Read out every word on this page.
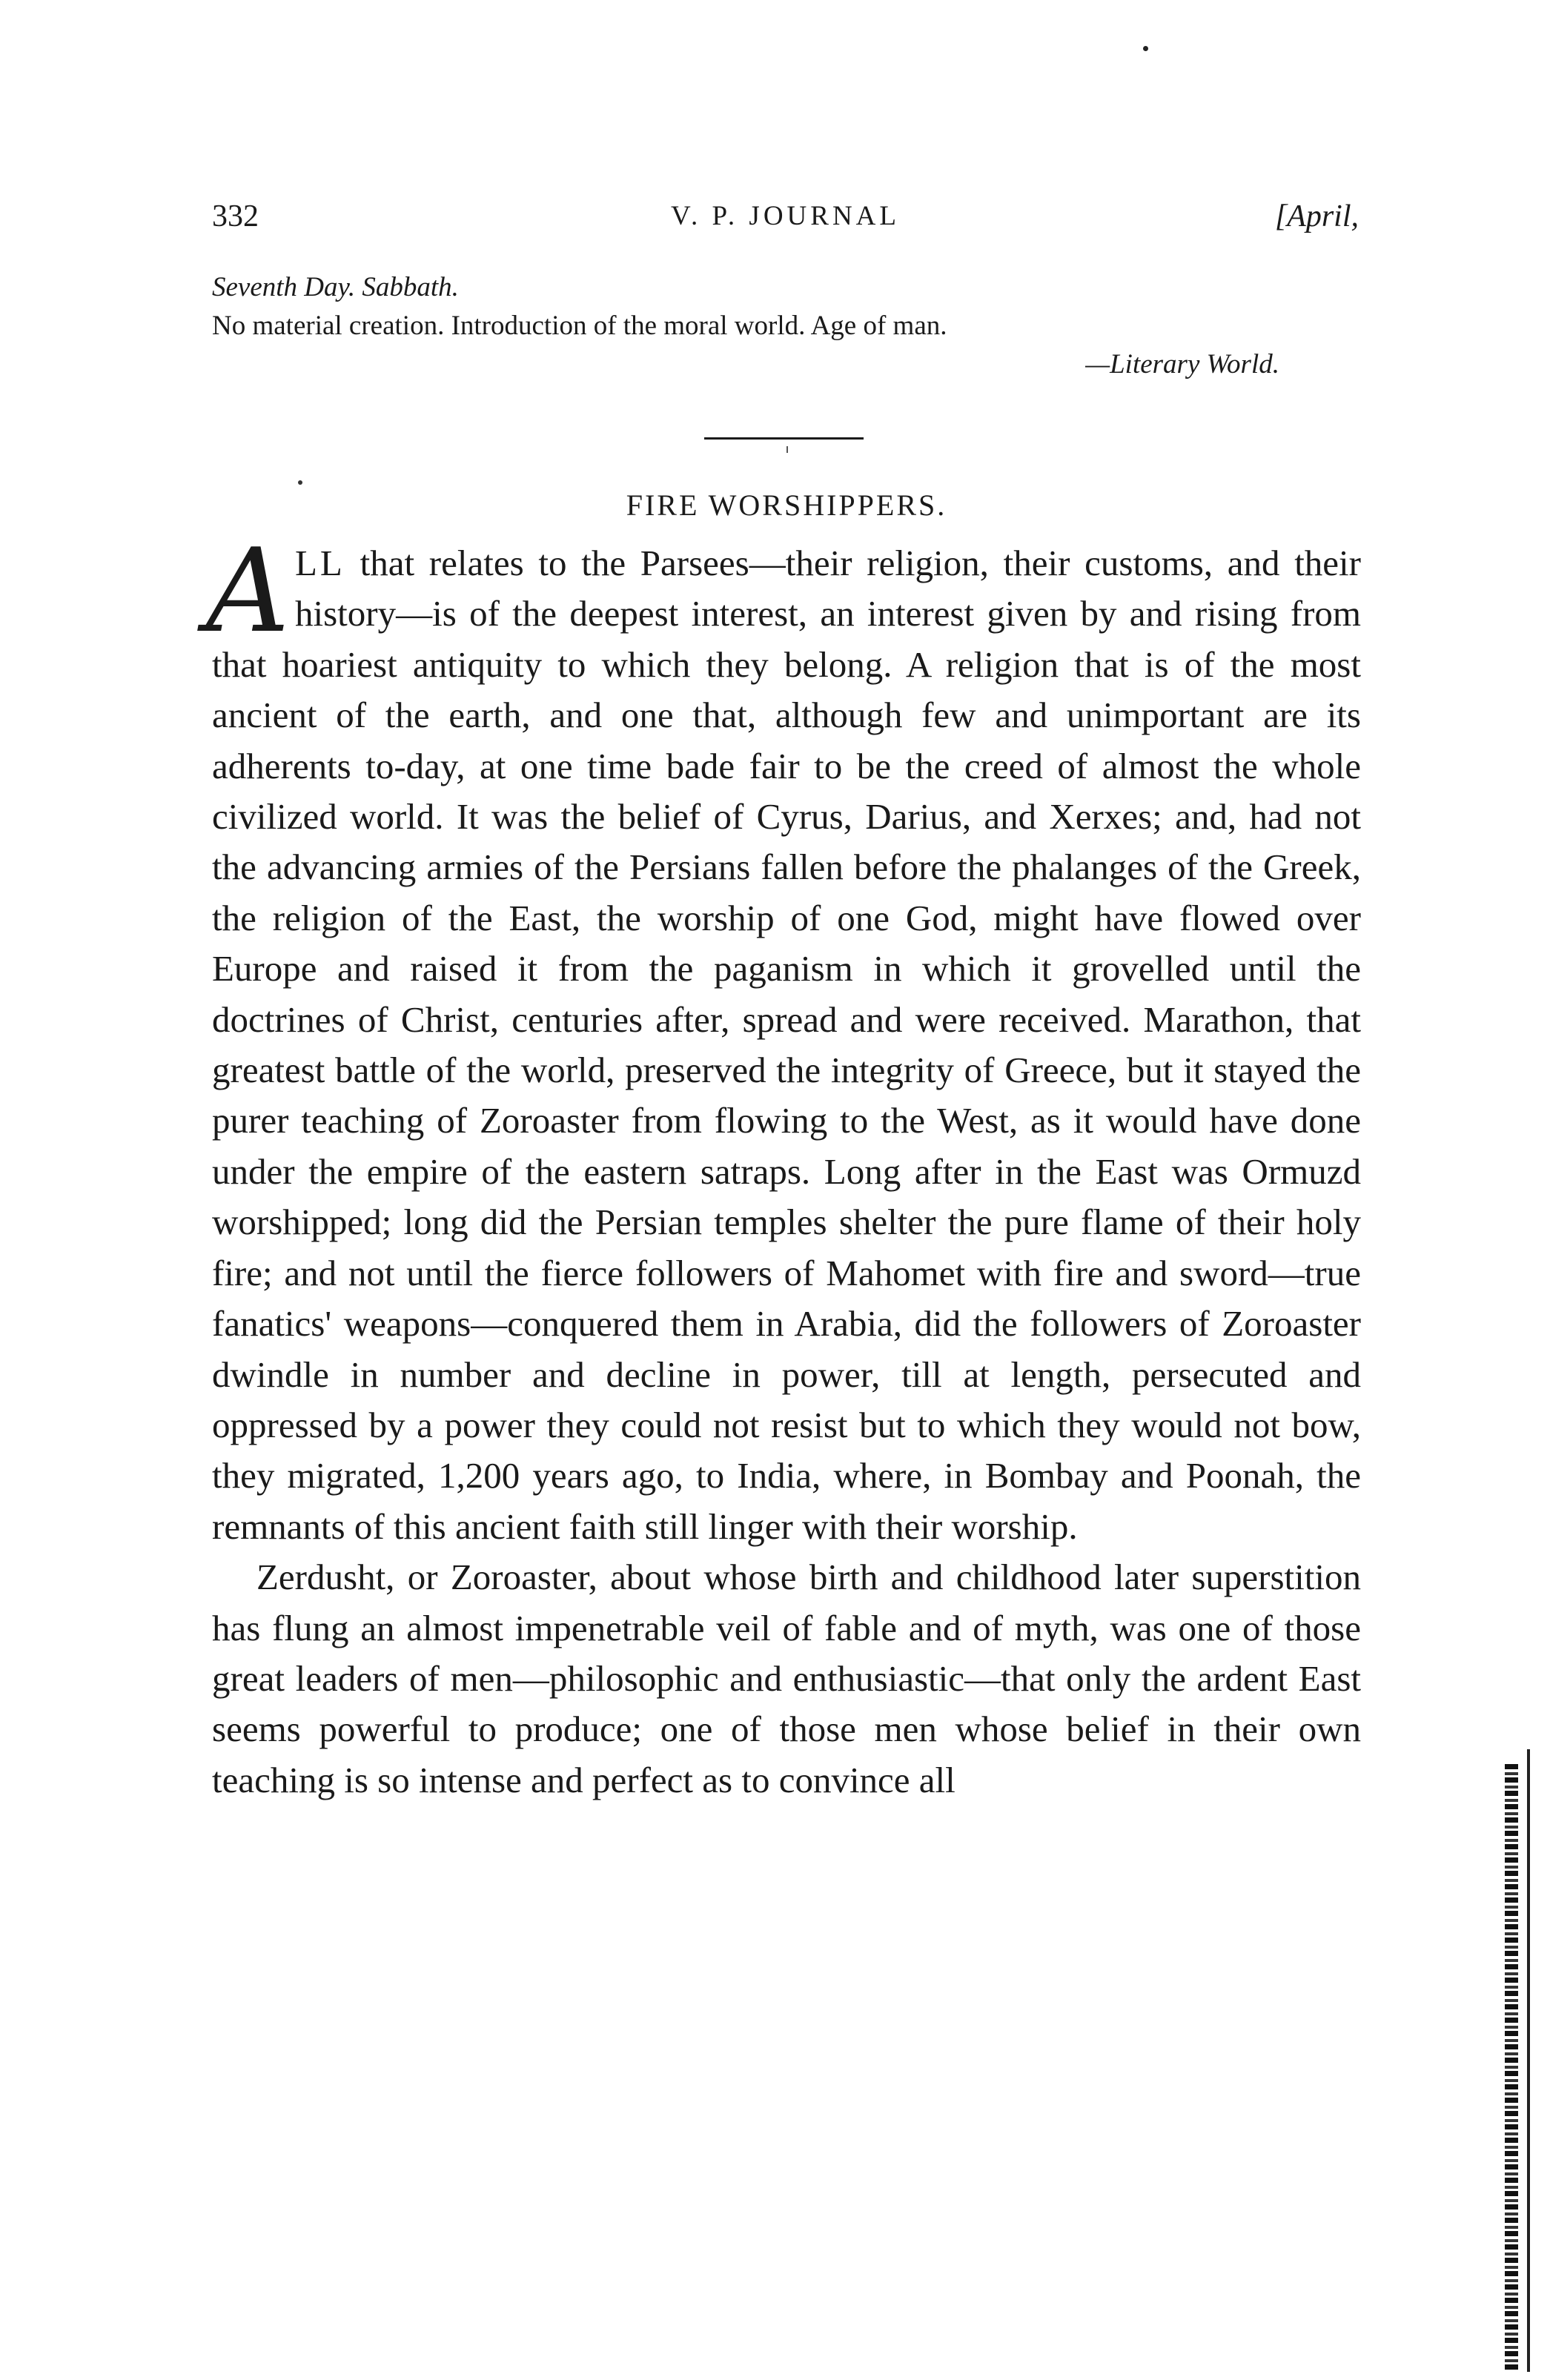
332	V. P. JOURNAL	[April,
Seventh Day. Sabbath.
No material creation. Introduction of the moral world. Age of man.
—Literary World.
FIRE WORSHIPPERS.

ALL that relates to the Parsees—their religion, their customs, and their history—is of the deepest interest, an interest given by and rising from that hoariest antiquity to which they belong. A religion that is of the most ancient of the earth, and one that, although few and unimportant are its adherents to-day, at one time bade fair to be the creed of almost the whole civilized world. It was the belief of Cyrus, Darius, and Xerxes; and, had not the advancing armies of the Persians fallen before the phalanges of the Greek, the religion of the East, the worship of one God, might have flowed over Europe and raised it from the paganism in which it grovelled until the doctrines of Christ, centuries after, spread and were received. Marathon, that greatest battle of the world, preserved the integrity of Greece, but it stayed the purer teaching of Zoroaster from flowing to the West, as it would have done under the empire of the eastern satraps. Long after in the East was Ormuzd worshipped; long did the Persian temples shelter the pure flame of their holy fire; and not until the fierce followers of Mahomet with fire and sword—true fanatics' weapons—conquered them in Arabia, did the followers of Zoroaster dwindle in number and decline in power, till at length, persecuted and oppressed by a power they could not resist but to which they would not bow, they migrated, 1,200 years ago, to India, where, in Bombay and Poonah, the remnants of this ancient faith still linger with their worship.

Zerdusht, or Zoroaster, about whose birth and childhood later superstition has flung an almost impenetrable veil of fable and of myth, was one of those great leaders of men—philosophic and enthusiastic—that only the ardent East seems powerful to produce; one of those men whose belief in their own teaching is so intense and perfect as to convince all
